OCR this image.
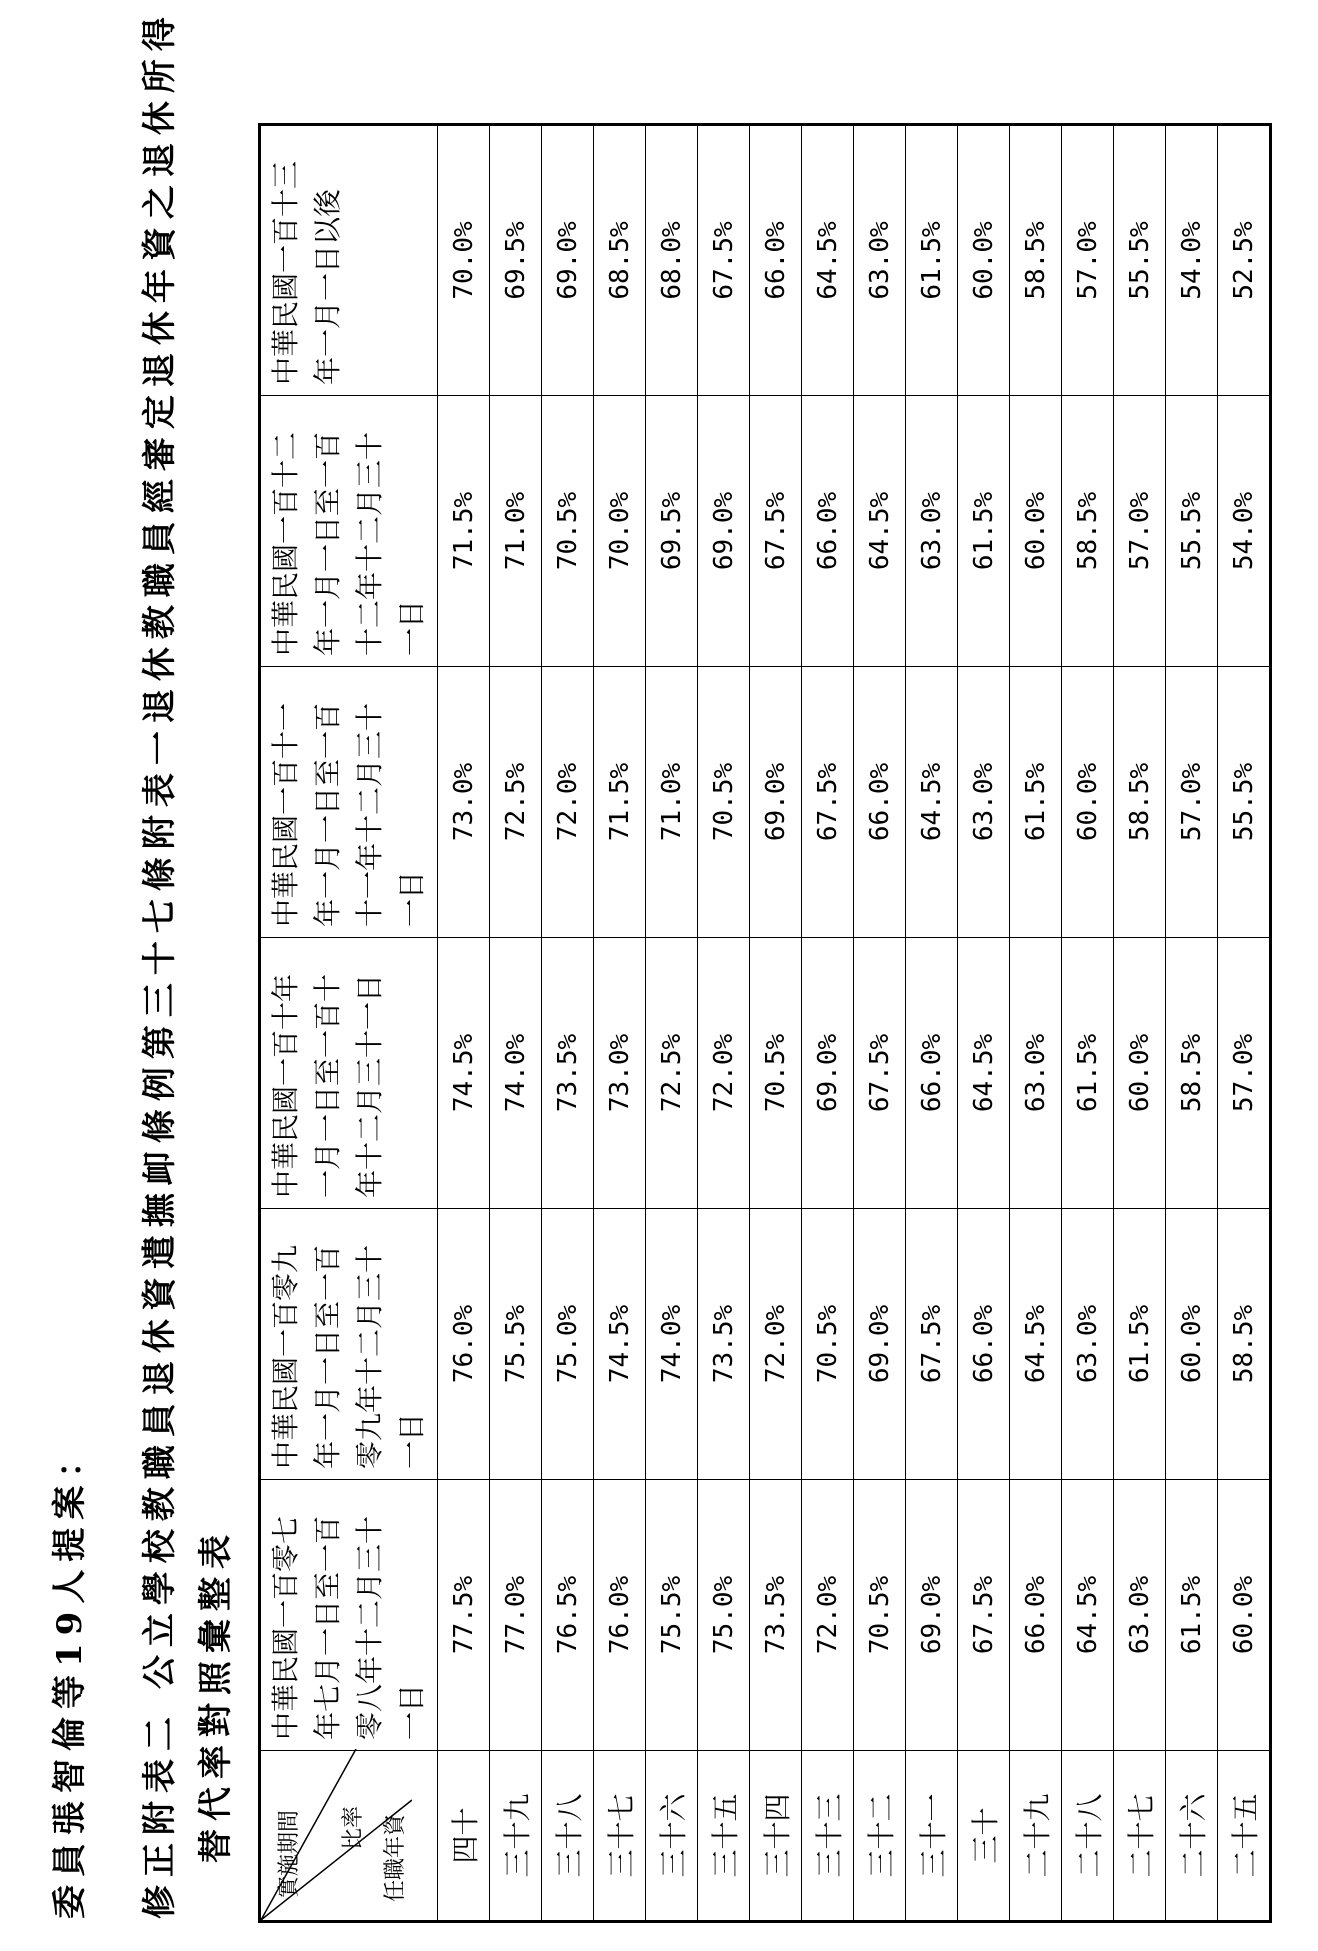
委員張智倫等19人提案： 修正附表二 公立學校教職員退休資遣撫卹條例第三十七條附表一退休教職員經審定退休年資之退休所得 替代率對照彙整表	實施期間 比率 任職年資	中華民國一百零七年七月一日至一百零八年十二月三十一日	中華民國一百零九年一月一日至一百零九年十二月三十一日	中華民國一百十年一月一日至一百十年十二月三十一日	中華民國一百十一年一月一日至一百十一年十二月三十一日	中華民國一百十二年一月一日至一百十二年十二月三十一日	中華民國一百十三年一月一日以後
四十	77.5%	76.0%	74.5%	73.0%	71.5%	70.0%
三十九	77.0%	75.5%	74.0%	72.5%	71.0%	69.5%
三十八	76.5%	75.0%	73.5%	72.0%	70.5%	69.0%
三十七	76.0%	74.5%	73.0%	71.5%	70.0%	68.5%
三十六	75.5%	74.0%	72.5%	71.0%	69.5%	68.0%
三十五	75.0%	73.5%	72.0%	70.5%	69.0%	67.5%
三十四	73.5%	72.0%	70.5%	69.0%	67.5%	66.0%
三十三	72.0%	70.5%	69.0%	67.5%	66.0%	64.5%
三十二	70.5%	69.0%	67.5%	66.0%	64.5%	63.0%
三十一	69.0%	67.5%	66.0%	64.5%	63.0%	61.5%
三十	67.5%	66.0%	64.5%	63.0%	61.5%	60.0%
二十九	66.0%	64.5%	63.0%	61.5%	60.0%	58.5%
二十八	64.5%	63.0%	61.5%	60.0%	58.5%	57.0%
二十七	63.0%	61.5%	60.0%	58.5%	57.0%	55.5%
二十六	61.5%	60.0%	58.5%	57.0%	55.5%	54.0%
二十五	60.0%	58.5%	57.0%	55.5%	54.0%	52.5%
